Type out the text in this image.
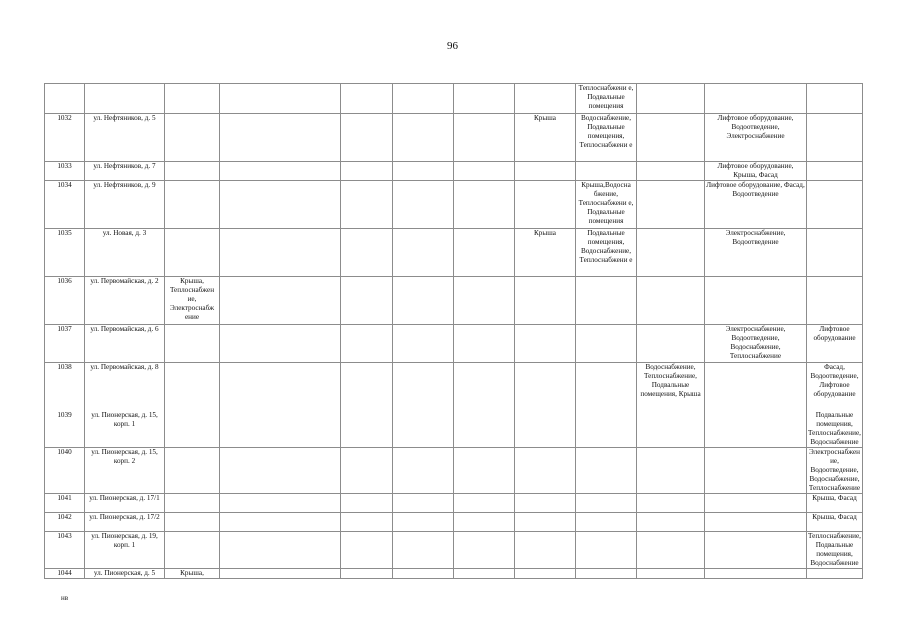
96
								Теплоснабжени е, Подвальные помещения			
1032	ул. Нефтяников, д. 5						Крыша	Водоснабжение, Подвальные помещения, Теплоснабжени е		Лифтовое оборудование, Водоотведение, Электроснабжение	
1033	ул. Нефтяников, д. 7									Лифтовое оборудование, Крыша, Фасад	
1034	ул. Нефтяников, д. 9							Крыша,Водосна бжение, Теплоснабжени е, Подвальные помещения		Лифтовое оборудование, Фасад, Водоотведение	
1035	ул. Новая, д. 3						Крыша	Подвальные помещения, Водоснабжение, Теплоснабжени е		Электроснабжение, Водоотведение	
1036	ул. Первомайская, д. 2	Крыша, Теплоснабжен ие, Электроснабж ение									
1037	ул. Первомайская, д. 6									Электроснабжение, Водоотведение, Водоснабжение, Теплоснабжение	Лифтовое оборудование
1038	ул. Первомайская, д. 8								Водоснабжение, Теплоснабжение, Подвальные помещения, Крыша		Фасад, Водоотведение, Лифтовое оборудование
1039	ул. Пионерская, д. 15, корп. 1										Подвальные помещения, Теплоснабжение, Водоснабжение
1040	ул. Пионерская, д. 15, корп. 2										Электроснабжение, Водоотведение, Водоснабжение, Теплоснабжение
1041	ул. Пионерская, д. 17/1										Крыша, Фасад
1042	ул. Пионерская, д. 17/2										Крыша, Фасад
1043	ул. Пионерская, д. 19, корп. 1										Теплоснабжение, Подвальные помещения, Водоснабжение
1044	ул. Пионерская, д. 5	Крыша,									
нв
